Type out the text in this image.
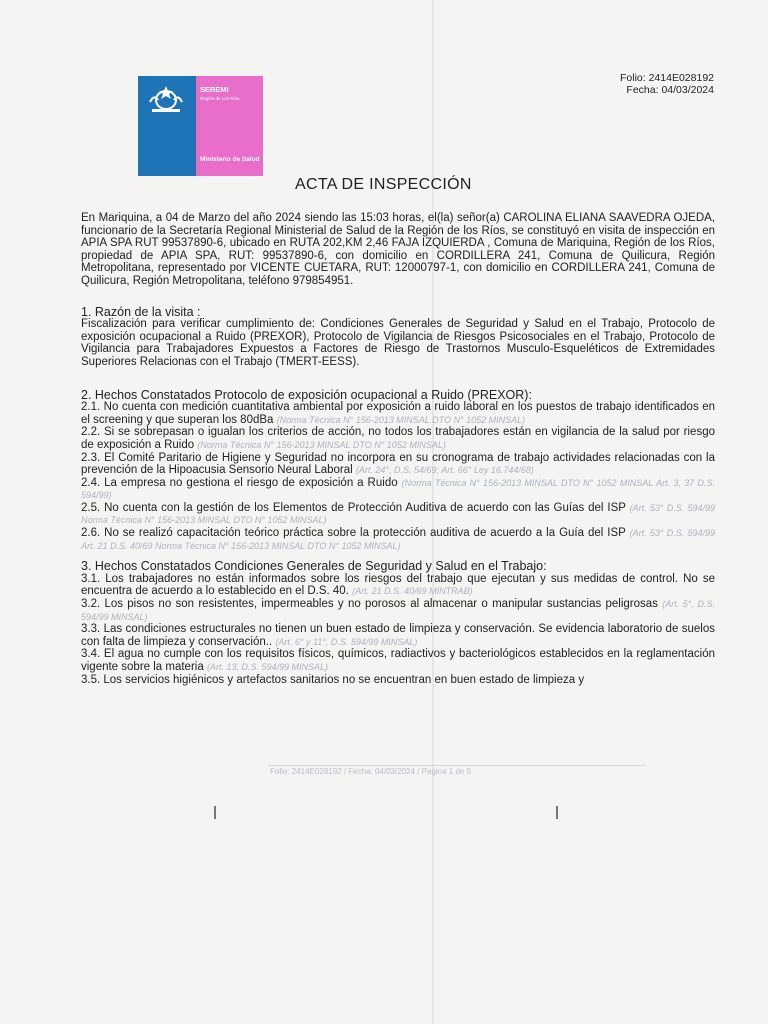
SEREMI
Región de Los Ríos
Ministerio de Salud
Folio: 2414E028192
Fecha: 04/03/2024
ACTA DE INSPECCIÓN

En Mariquina, a 04 de Marzo del año 2024 siendo las 15:03 horas, el(la) señor(a) CAROLINA ELIANA SAAVEDRA OJEDA, funcionario de la Secretaría Regional Ministerial de Salud de la Región de los Ríos, se constituyó en visita de inspección en APIA SPA RUT 99537890-6, ubicado en RUTA 202,KM 2,46 FAJA IZQUIERDA , Comuna de Mariquina, Región de los Ríos, propiedad de APIA SPA, RUT: 99537890-6, con domicilio en CORDILLERA 241, Comuna de Quilicura, Región Metropolitana, representado por VICENTE CUETARA, RUT: 12000797-1, con domicilio en CORDILLERA 241, Comuna de Quilicura, Región Metropolitana, teléfono 979854951.

1. Razón de la visita :

Fiscalización para verificar cumplimiento de: Condiciones Generales de Seguridad y Salud en el Trabajo, Protocolo de exposición ocupacional a Ruido (PREXOR), Protocolo de Vigilancia de Riesgos Psicosociales en el Trabajo, Protocolo de Vigilancia para Trabajadores Expuestos a Factores de Riesgo de Trastornos Musculo-Esqueléticos de Extremidades Superiores Relacionas con el Trabajo (TMERT-EESS).

2. Hechos Constatados Protocolo de exposición ocupacional a Ruido (PREXOR):

2.1. No cuenta con medición cuantitativa ambiental por exposición a ruido laboral en los puestos de trabajo identificados en el screening y que superan los 80dBa (Norma Técnica N° 156-2013 MINSAL DTO N° 1052 MINSAL)

2.2. Si se sobrepasan o igualan los criterios de acción, no todos los trabajadores están en vigilancia de la salud por riesgo de exposición a Ruido (Norma Técnica N° 156-2013 MINSAL DTO N° 1052 MINSAL)

2.3. El Comité Paritario de Higiene y Seguridad no incorpora en su cronograma de trabajo actividades relacionadas con la prevención de la Hipoacusia Sensorio Neural Laboral (Art. 24°, D.S. 54/69; Art. 66° Ley 16.744/68)

2.4. La empresa no gestiona el riesgo de exposición a Ruido (Norma Técnica N° 156-2013 MINSAL DTO N° 1052 MINSAL Art. 3, 37 D.S. 594/99)

2.5. No cuenta con la gestión de los Elementos de Protección Auditiva de acuerdo con las Guías del ISP (Art. 53° D.S. 594/99 Norma Técnica N° 156-2013 MINSAL DTO N° 1052 MINSAL)

2.6. No se realizó capacitación teórico práctica sobre la protección auditiva de acuerdo a la Guía del ISP (Art. 53° D.S. 594/99 Art. 21 D.S. 40/69 Norma Técnica N° 156-2013 MINSAL DTO N° 1052 MINSAL)

3. Hechos Constatados Condiciones Generales de Seguridad y Salud en el Trabajo:

3.1. Los trabajadores no están informados sobre los riesgos del trabajo que ejecutan y sus medidas de control. No se encuentra de acuerdo a lo establecido en el D.S. 40. (Art. 21 D.S. 40/69 MINTRAB)

3.2. Los pisos no son resistentes, impermeables y no porosos al almacenar o manipular sustancias peligrosas (Art. 5°, D.S. 594/99 MINSAL)

3.3. Las condiciones estructurales no tienen un buen estado de limpieza y conservación. Se evidencia laboratorio de suelos con falta de limpieza y conservación.. (Art. 6° y 11°, D.S. 594/99 MINSAL)

3.4. El agua no cumple con los requisitos físicos, químicos, radiactivos y bacteriológicos establecidos en la reglamentación vigente sobre la materia (Art. 13, D.S. 594/99 MINSAL)

3.5. Los servicios higiénicos y artefactos sanitarios no se encuentran en buen estado de limpieza y

Folio: 2414E028192 / Fecha: 04/03/2024 / Pagina 1 de 5
